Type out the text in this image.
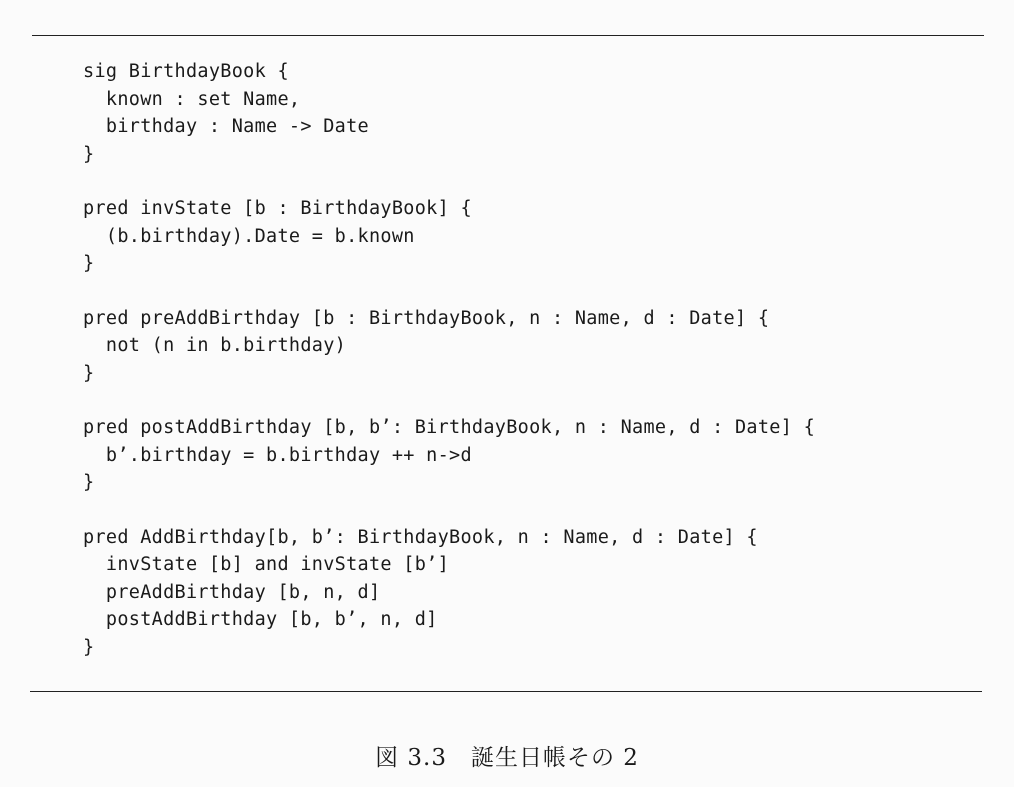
sig BirthdayBook {
known : set Name,
birthday : Name -> Date
}
pred invState [b : BirthdayBook] {
(b.birthday).Date = b.known
}
pred preAddBirthday [b : BirthdayBook, n : Name, d : Date] {
not (n in b.birthday)
}
pred postAddBirthday [b, b’: BirthdayBook, n : Name, d : Date] {
b’.birthday = b.birthday ++ n->d
}
pred AddBirthday[b, b’: BirthdayBook, n : Name, d : Date] {
invState [b] and invState [b’]
preAddBirthday [b, n, d]
postAddBirthday [b, b’, n, d]
}
図 3.3　誕生日帳その 2
